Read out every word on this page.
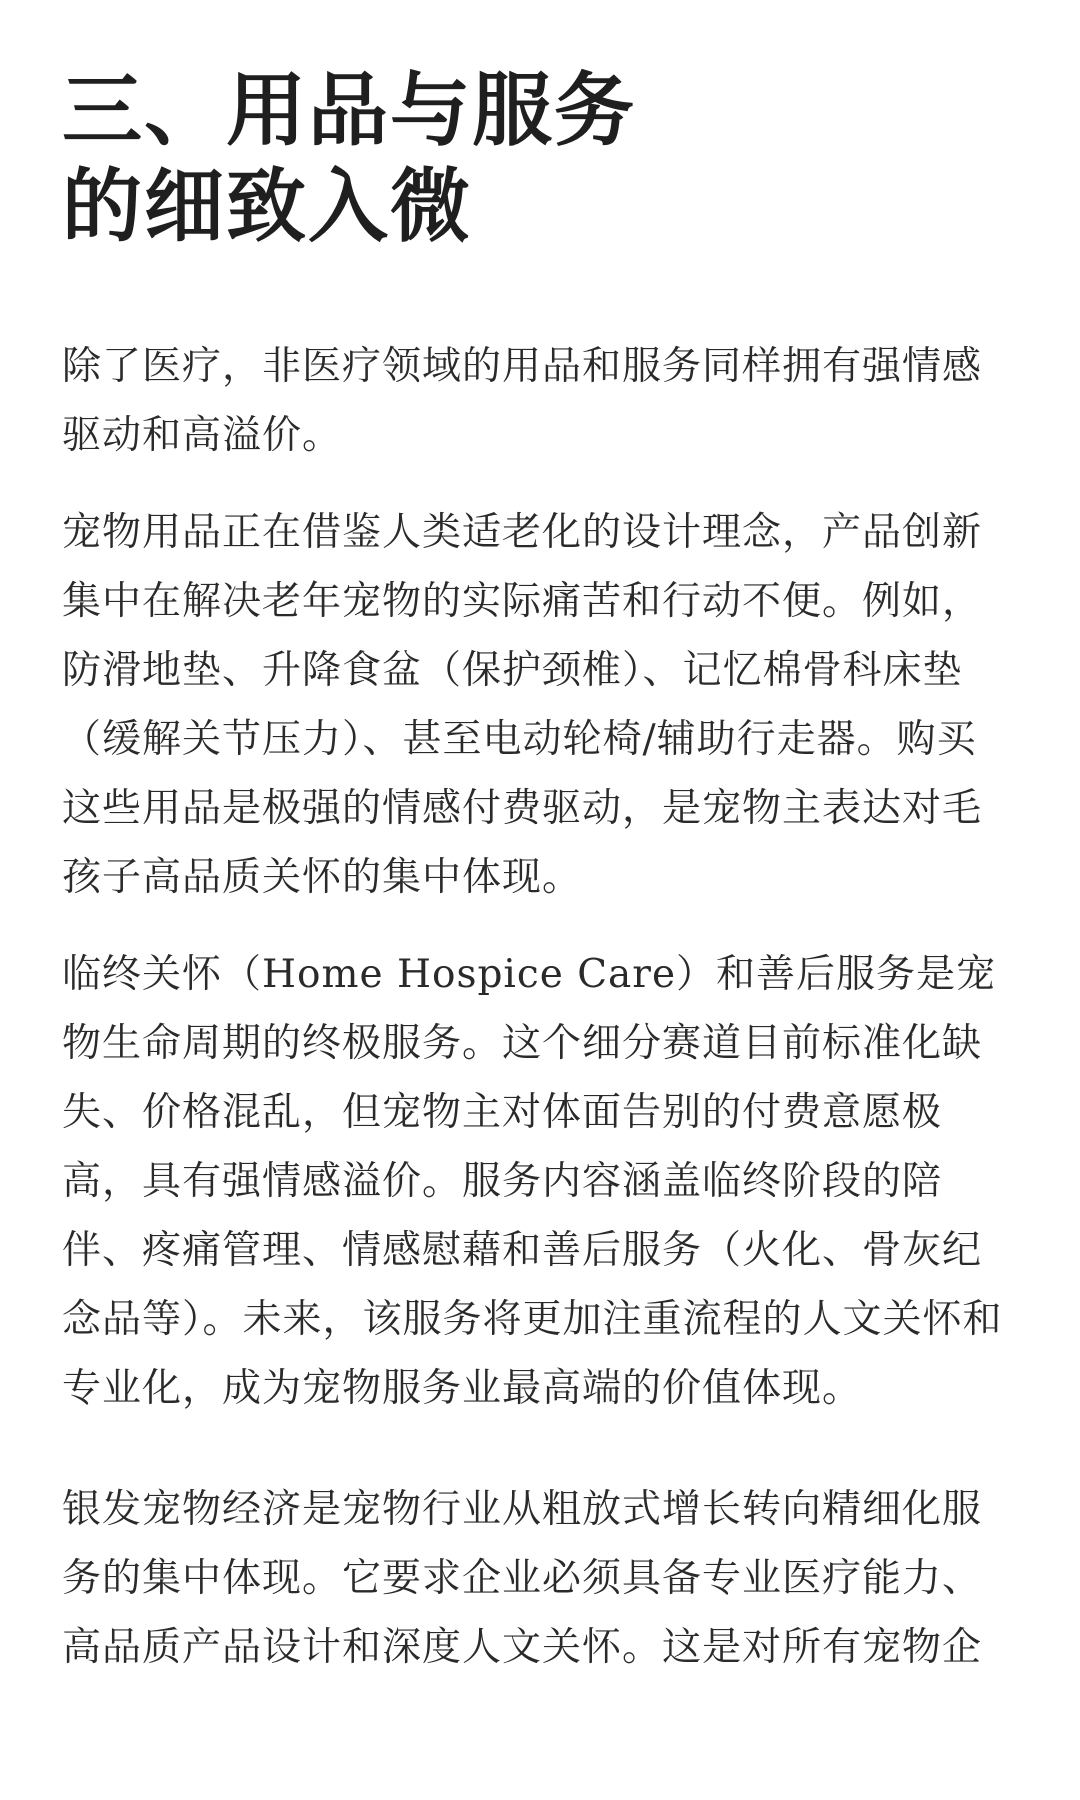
三、用品与服务
的细致入微

除了医疗，非医疗领域的用品和服务同样拥有强情感
驱动和高溢价。

宠物用品正在借鉴人类适老化的设计理念，产品创新
集中在解决老年宠物的实际痛苦和行动不便。例如，
防滑地垫、升降食盆（保护颈椎）、记忆棉骨科床垫
（缓解关节压力）、甚至电动轮椅/辅助行走器。购买
这些用品是极强的情感付费驱动，是宠物主表达对毛
孩子高品质关怀的集中体现。

临终关怀（Home Hospice Care）和善后服务是宠
物生命周期的终极服务。这个细分赛道目前标准化缺
失、价格混乱，但宠物主对体面告别的付费意愿极
高，具有强情感溢价。服务内容涵盖临终阶段的陪
伴、疼痛管理、情感慰藉和善后服务（火化、骨灰纪
念品等）。未来，该服务将更加注重流程的人文关怀和
专业化，成为宠物服务业最高端的价值体现。

银发宠物经济是宠物行业从粗放式增长转向精细化服
务的集中体现。它要求企业必须具备专业医疗能力、
高品质产品设计和深度人文关怀。这是对所有宠物企
